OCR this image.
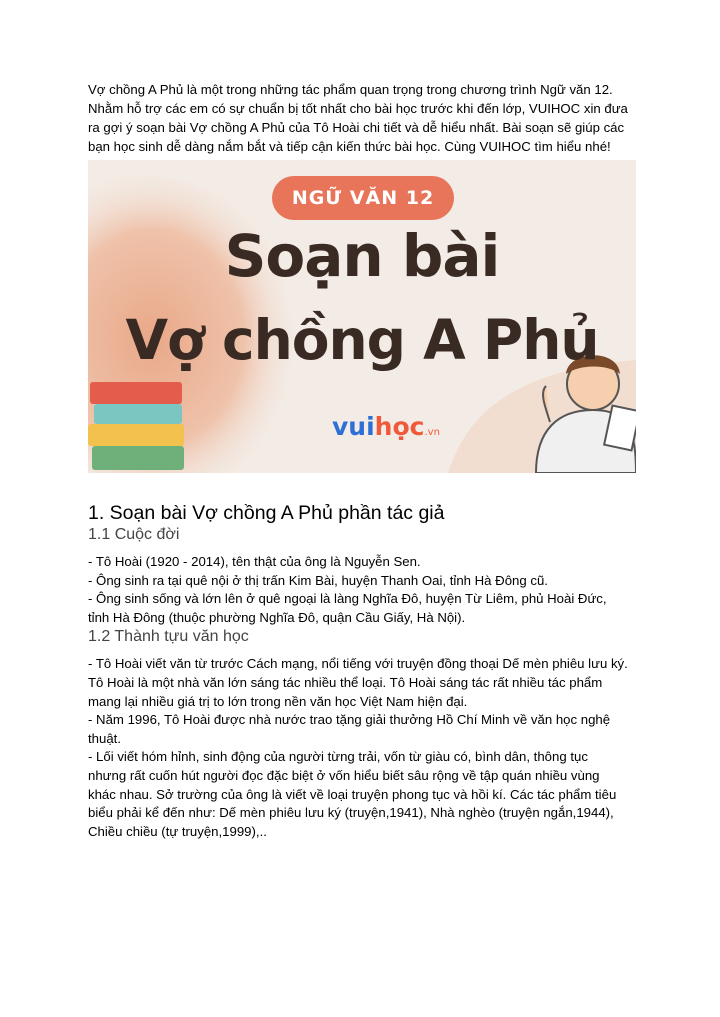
Vợ chồng A Phủ là một trong những tác phẩm quan trọng trong chương trình Ngữ văn 12. Nhằm hỗ trợ các em có sự chuẩn bị tốt nhất cho bài học trước khi đến lớp, VUIHOC xin đưa ra gợi ý soạn bài Vợ chồng A Phủ của Tô Hoài chi tiết và dễ hiểu nhất. Bài soạn sẽ giúp các bạn học sinh dễ dàng nắm bắt và tiếp cận kiến thức bài học. Cùng VUIHOC tìm hiểu nhé!

NGỮ VĂN 12
Soạn bài
Vợ chồng A Phủ
vuihọc.vn
1. Soạn bài Vợ chồng A Phủ phần tác giả
1.1 Cuộc đời

- Tô Hoài (1920 - 2014), tên thật của ông là Nguyễn Sen.

- Ông sinh ra tại quê nội ở thị trấn Kim Bài, huyện Thanh Oai, tỉnh Hà Đông cũ.

- Ông sinh sống và lớn lên ở quê ngoại là làng Nghĩa Đô, huyện Từ Liêm, phủ Hoài Đức,

tỉnh Hà Đông (thuộc phường Nghĩa Đô, quận Cầu Giấy, Hà Nội).

1.2 Thành tựu văn học

- Tô Hoài viết văn từ trước Cách mạng, nổi tiếng với truyện đồng thoại Dế mèn phiêu lưu ký.

Tô Hoài là một nhà văn lớn sáng tác nhiều thể loại. Tô Hoài sáng tác rất nhiều tác phẩm

mang lại nhiều giá trị to lớn trong nền văn học Việt Nam hiện đại.

- Năm 1996, Tô Hoài được nhà nước trao tặng giải thưởng Hồ Chí Minh về văn học nghệ

thuật.

- Lối viết hóm hỉnh, sinh động của người từng trải, vốn từ giàu có, bình dân, thông tục

nhưng rất cuốn hút người đọc đặc biệt ở vốn hiểu biết sâu rộng về tập quán nhiều vùng

khác nhau. Sở trường của ông là viết về loại truyện phong tục và hồi kí. Các tác phẩm tiêu

biểu phải kể đến như: Dế mèn phiêu lưu ký (truyện,1941), Nhà nghèo (truyện ngắn,1944),

Chiều chiều (tự truyện,1999),..
